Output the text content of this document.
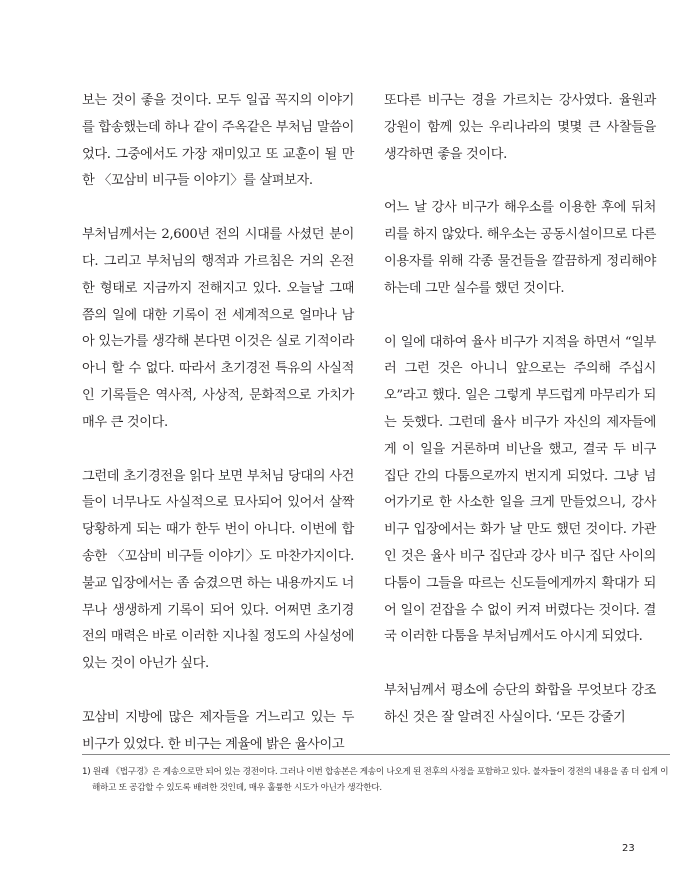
보는 것이 좋을 것이다. 모두 일곱 꼭지의 이야기를 합송했는데 하나 같이 주옥같은 부처님 말씀이었다. 그중에서도 가장 재미있고 또 교훈이 될 만한 〈꼬삼비 비구들 이야기〉를 살펴보자.

부처님께서는 2,600년 전의 시대를 사셨던 분이다. 그리고 부처님의 행적과 가르침은 거의 온전한 형태로 지금까지 전해지고 있다. 오늘날 그때 쯤의 일에 대한 기록이 전 세계적으로 얼마나 남아 있는가를 생각해 본다면 이것은 실로 기적이라 아니 할 수 없다. 따라서 초기경전 특유의 사실적인 기록들은 역사적, 사상적, 문화적으로 가치가 매우 큰 것이다.

그런데 초기경전을 읽다 보면 부처님 당대의 사건들이 너무나도 사실적으로 묘사되어 있어서 살짝 당황하게 되는 때가 한두 번이 아니다. 이번에 합송한 〈꼬삼비 비구들 이야기〉도 마찬가지이다. 불교 입장에서는 좀 숨겼으면 하는 내용까지도 너무나 생생하게 기록이 되어 있다. 어쩌면 초기경전의 매력은 바로 이러한 지나칠 정도의 사실성에 있는 것이 아닌가 싶다.

꼬삼비 지방에 많은 제자들을 거느리고 있는 두 비구가 있었다. 한 비구는 계율에 밝은 율사이고

또다른 비구는 경을 가르치는 강사였다. 율원과 강원이 함께 있는 우리나라의 몇몇 큰 사찰들을 생각하면 좋을 것이다.

어느 날 강사 비구가 해우소를 이용한 후에 뒤처리를 하지 않았다. 해우소는 공동시설이므로 다른 이용자를 위해 각종 물건들을 깔끔하게 정리해야 하는데 그만 실수를 했던 것이다.

이 일에 대하여 율사 비구가 지적을 하면서 “일부러 그런 것은 아니니 앞으로는 주의해 주십시오”라고 했다. 일은 그렇게 부드럽게 마무리가 되는 듯했다. 그런데 율사 비구가 자신의 제자들에게 이 일을 거론하며 비난을 했고, 결국 두 비구 집단 간의 다툼으로까지 번지게 되었다. 그냥 넘어가기로 한 사소한 일을 크게 만들었으니, 강사 비구 입장에서는 화가 날 만도 했던 것이다. 가관인 것은 율사 비구 집단과 강사 비구 집단 사이의 다툼이 그들을 따르는 신도들에게까지 확대가 되어 일이 걷잡을 수 없이 커져 버렸다는 것이다. 결국 이러한 다툼을 부처님께서도 아시게 되었다.

부처님께서 평소에 승단의 화합을 무엇보다 강조하신 것은 잘 알려진 사실이다. ‘모든 강줄기

1) 원래 《법구경》은 게송으로만 되어 있는 경전이다. 그러나 이번 합송본은 게송이 나오게 된 전후의 사정을 포함하고 있다. 불자들이 경전의 내용을 좀 더 쉽게 이해하고 또 공감할 수 있도록 배려한 것인데, 매우 훌륭한 시도가 아닌가 생각한다.
23
